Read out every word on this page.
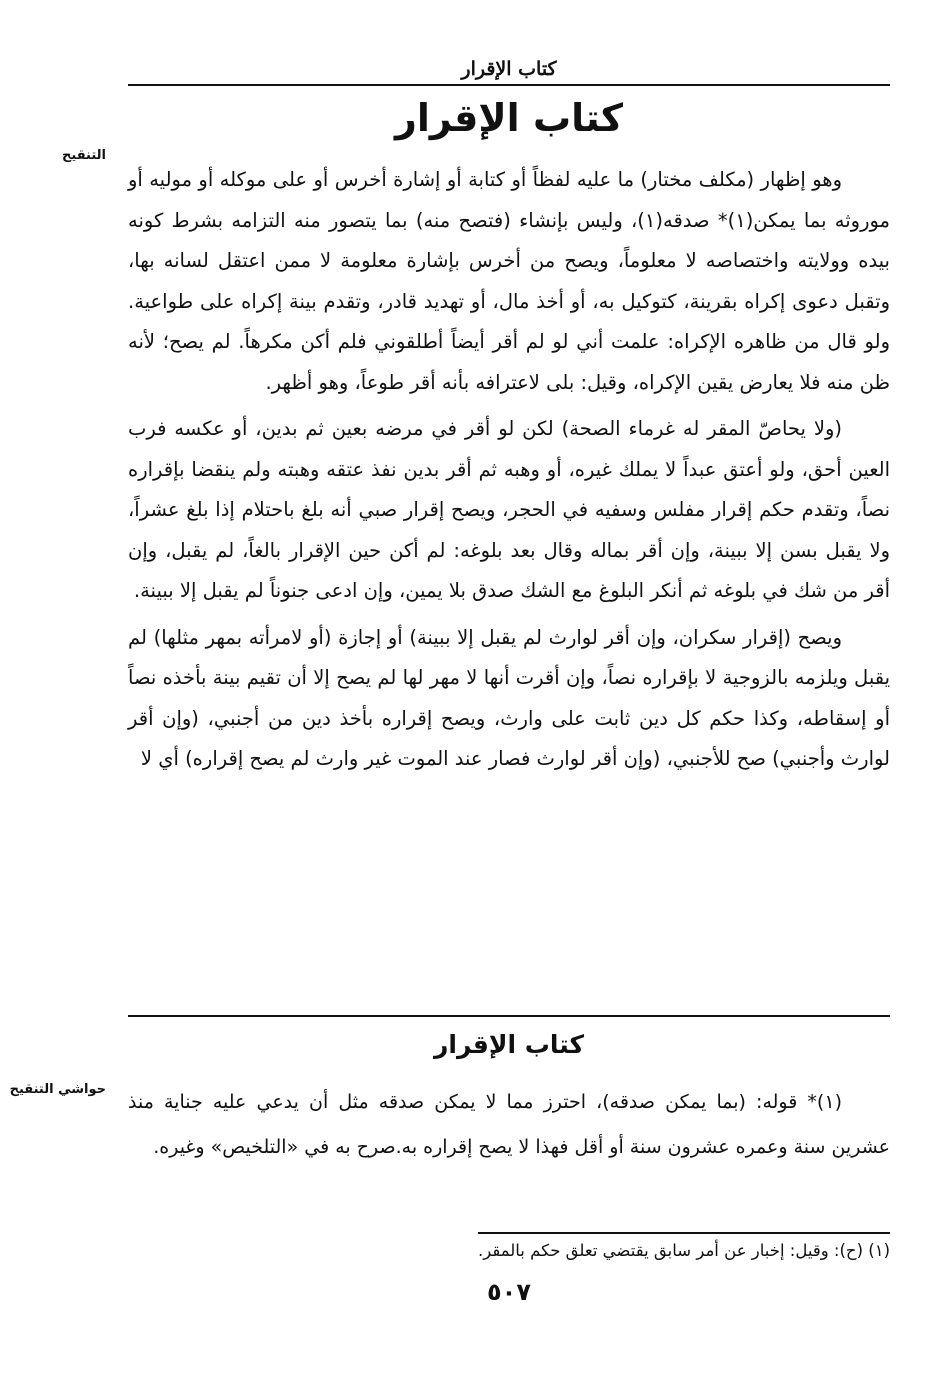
كتاب الإقرار
كتاب الإقرار
التنقيح

وهو إظهار (مكلف مختار) ما عليه لفظاً أو كتابة أو إشارة أخرس أو على موكله أو موليه أو موروثه بما يمكن(١)* صدقه(١)، وليس بإنشاء (فتصح منه) بما يتصور منه التزامه بشرط كونه بيده وولايته واختصاصه لا معلوماً، ويصح من أخرس بإشارة معلومة لا ممن اعتقل لسانه بها، وتقبل دعوى إكراه بقرينة، كتوكيل به، أو أخذ مال، أو تهديد قادر، وتقدم بينة إكراه على طواعية. ولو قال من ظاهره الإكراه: علمت أني لو لم أقر أيضاً أطلقوني فلم أكن مكرهاً. لم يصح؛ لأنه ظن منه فلا يعارض يقين الإكراه، وقيل: بلى لاعترافه بأنه أقر طوعاً، وهو أظهر.

(ولا يحاصّ المقر له غرماء الصحة) لكن لو أقر في مرضه بعين ثم بدين، أو عكسه فرب العين أحق، ولو أعتق عبداً لا يملك غيره، أو وهبه ثم أقر بدين نفذ عتقه وهبته ولم ينقضا بإقراره نصاً، وتقدم حكم إقرار مفلس وسفيه في الحجر، ويصح إقرار صبي أنه بلغ باحتلام إذا بلغ عشراً، ولا يقبل بسن إلا ببينة، وإن أقر بماله وقال بعد بلوغه: لم أكن حين الإقرار بالغاً، لم يقبل، وإن أقر من شك في بلوغه ثم أنكر البلوغ مع الشك صدق بلا يمين، وإن ادعى جنوناً لم يقبل إلا ببينة.

ويصح (إقرار سكران، وإن أقر لوارث لم يقبل إلا ببينة) أو إجازة (أو لامرأته بمهر مثلها) لم يقبل ويلزمه بالزوجية لا بإقراره نصاً، وإن أقرت أنها لا مهر لها لم يصح إلا أن تقيم بينة بأخذه نصاً أو إسقاطه، وكذا حكم كل دين ثابت على وارث، ويصح إقراره بأخذ دين من أجنبي، (وإن أقر لوارث وأجنبي) صح للأجنبي، (وإن أقر لوارث فصار عند الموت غير وارث لم يصح إقراره) أي لا

كتاب الإقرار
حواشي التنقيح

(١)* قوله: (بما يمكن صدقه)، احترز مما لا يمكن صدقه مثل أن يدعي عليه جناية منذ عشرين سنة وعمره عشرون سنة أو أقل فهذا لا يصح إقراره به.صرح به في «التلخيص» وغيره.

(١) (ح): وقيل: إخبار عن أمر سابق يقتضي تعلق حكم بالمقر.
٥٠٧
